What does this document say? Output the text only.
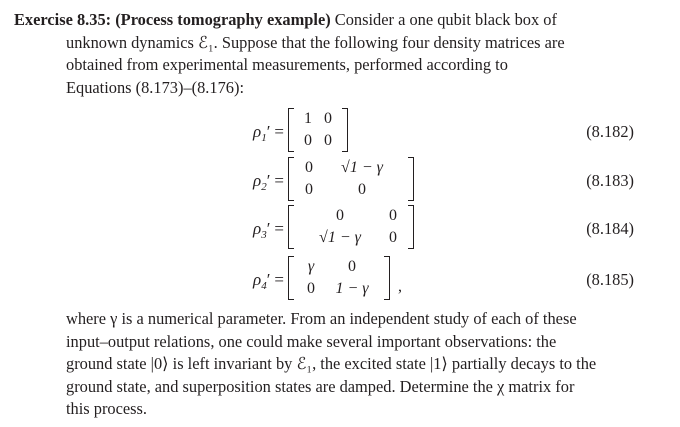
Exercise 8.35: (Process tomography example) Consider a one qubit black box of
unknown dynamics ℰ₁. Suppose that the following four density matrices are
obtained from experimental measurements, performed according to
Equations (8.173)–(8.176):
$\rho_1'$ =
1 0
0 0	(8.182)
$\rho_2'$ =
0	√1 − γ
0	0	(8.183)
$\rho_3'$ =
0	0
√1 − γ	0	(8.184)
$\rho_4'$ =
γ	0
0	1 − γ	,	(8.185)
where γ is a numerical parameter. From an independent study of each of these
input–output relations, one could make several important observations: the
ground state |0⟩ is left invariant by ℰ₁, the excited state |1⟩ partially decays to the
ground state, and superposition states are damped. Determine the χ matrix for
this process.
